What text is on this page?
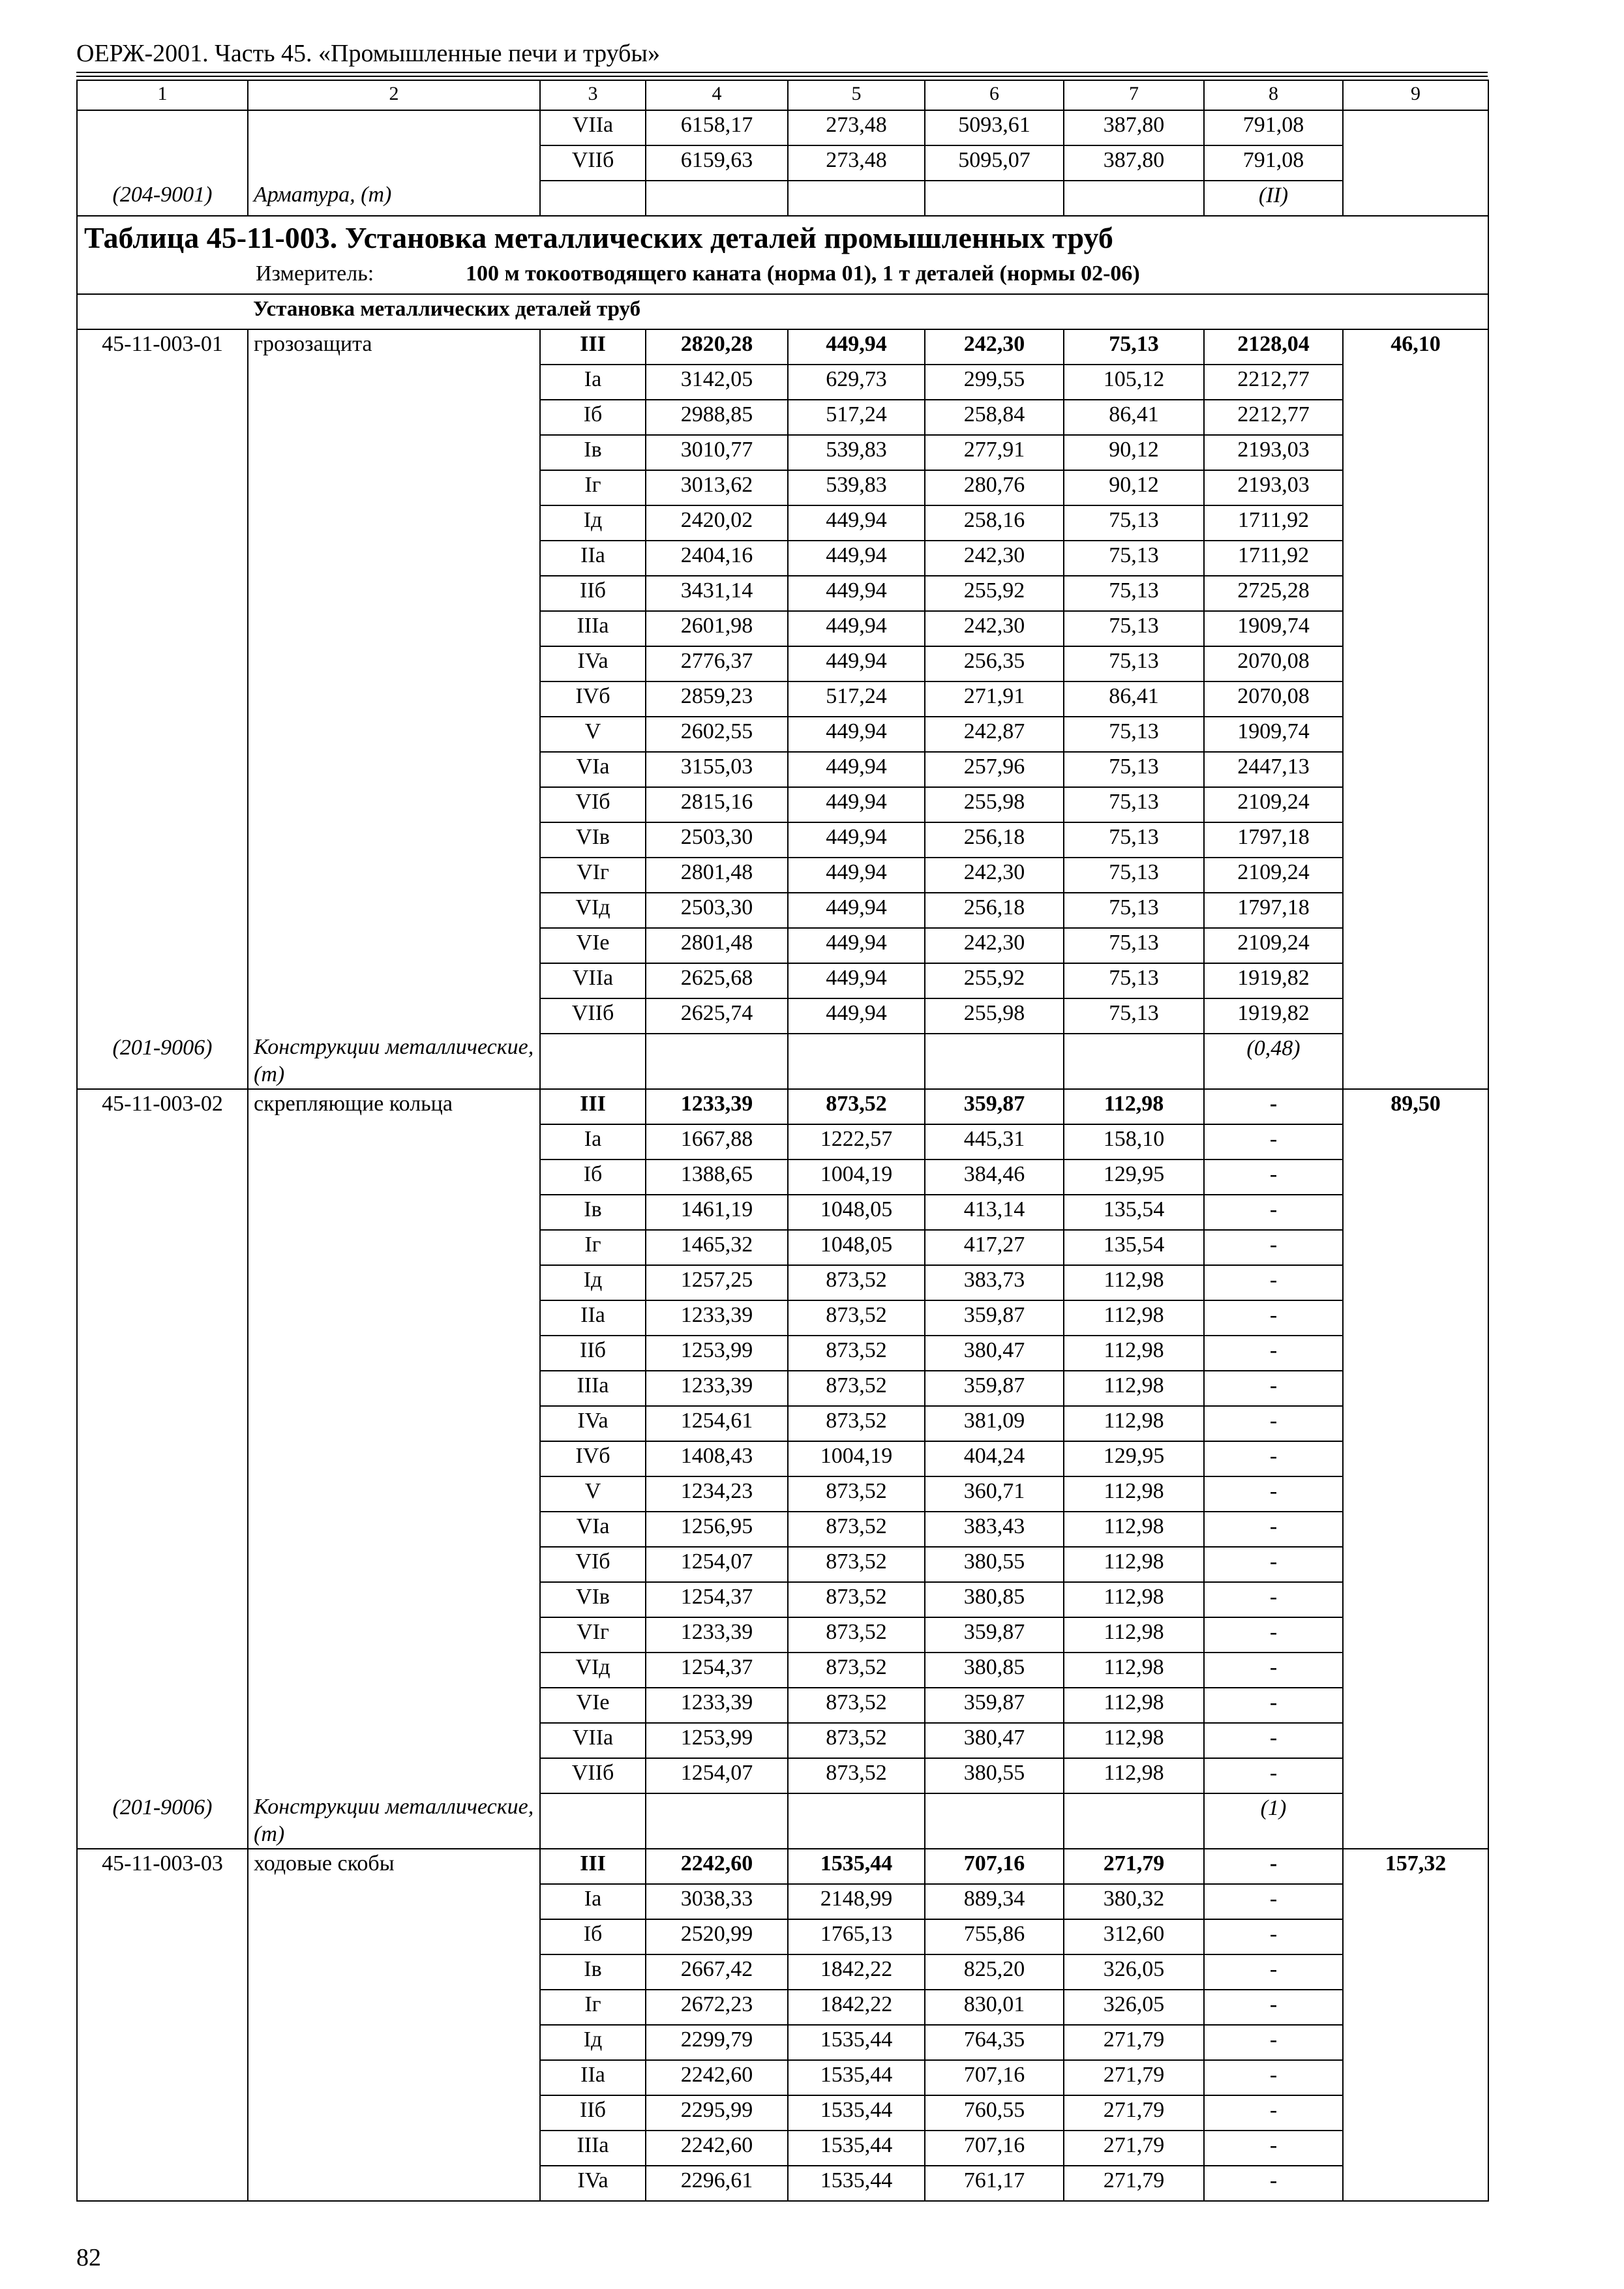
ОЕРЖ-2001. Часть 45. «Промышленные печи и трубы»
1	2	3	4	5	6	7	8	9
		VIIa	6158,17	273,48	5093,61	387,80	791,08	
		VIIб	6159,63	273,48	5095,07	387,80	791,08	
(204-9001)	Арматура, (т)						(II)	
Таблица 45-11-003. Установка металлических деталей промышленных труб								
Измеритель: 100 м токоотводящего каната (норма 01), 1 т деталей (нормы 02-06)								
	Установка металлических деталей труб							
45-11-003-01	грозозащита	III	2820,28	449,94	242,30	75,13	2128,04	46,10
		Ia	3142,05	629,73	299,55	105,12	2212,77	
		Iб	2988,85	517,24	258,84	86,41	2212,77	
		Iв	3010,77	539,83	277,91	90,12	2193,03	
		Iг	3013,62	539,83	280,76	90,12	2193,03	
		Iд	2420,02	449,94	258,16	75,13	1711,92	
		IIa	2404,16	449,94	242,30	75,13	1711,92	
		IIб	3431,14	449,94	255,92	75,13	2725,28	
		IIIa	2601,98	449,94	242,30	75,13	1909,74	
		IVa	2776,37	449,94	256,35	75,13	2070,08	
		IVб	2859,23	517,24	271,91	86,41	2070,08	
		V	2602,55	449,94	242,87	75,13	1909,74	
		VIa	3155,03	449,94	257,96	75,13	2447,13	
		VIб	2815,16	449,94	255,98	75,13	2109,24	
		VIв	2503,30	449,94	256,18	75,13	1797,18	
		VIг	2801,48	449,94	242,30	75,13	2109,24	
		VIд	2503,30	449,94	256,18	75,13	1797,18	
		VIe	2801,48	449,94	242,30	75,13	2109,24	
		VIIa	2625,68	449,94	255,92	75,13	1919,82	
		VIIб	2625,74	449,94	255,98	75,13	1919,82	
(201-9006)	Конструкции металлические, (т)						(0,48)	
45-11-003-02	скрепляющие кольца	III	1233,39	873,52	359,87	112,98	-	89,50
		Ia	1667,88	1222,57	445,31	158,10	-	
		Iб	1388,65	1004,19	384,46	129,95	-	
		Iв	1461,19	1048,05	413,14	135,54	-	
		Iг	1465,32	1048,05	417,27	135,54	-	
		Iд	1257,25	873,52	383,73	112,98	-	
		IIa	1233,39	873,52	359,87	112,98	-	
		IIб	1253,99	873,52	380,47	112,98	-	
		IIIa	1233,39	873,52	359,87	112,98	-	
		IVa	1254,61	873,52	381,09	112,98	-	
		IVб	1408,43	1004,19	404,24	129,95	-	
		V	1234,23	873,52	360,71	112,98	-	
		VIa	1256,95	873,52	383,43	112,98	-	
		VIб	1254,07	873,52	380,55	112,98	-	
		VIв	1254,37	873,52	380,85	112,98	-	
		VIг	1233,39	873,52	359,87	112,98	-	
		VIд	1254,37	873,52	380,85	112,98	-	
		VIe	1233,39	873,52	359,87	112,98	-	
		VIIa	1253,99	873,52	380,47	112,98	-	
		VIIб	1254,07	873,52	380,55	112,98	-	
(201-9006)	Конструкции металлические, (т)						(1)	
45-11-003-03	ходовые скобы	III	2242,60	1535,44	707,16	271,79	-	157,32
		Ia	3038,33	2148,99	889,34	380,32	-	
		Iб	2520,99	1765,13	755,86	312,60	-	
		Iв	2667,42	1842,22	825,20	326,05	-	
		Iг	2672,23	1842,22	830,01	326,05	-	
		Iд	2299,79	1535,44	764,35	271,79	-	
		IIa	2242,60	1535,44	707,16	271,79	-	
		IIб	2295,99	1535,44	760,55	271,79	-	
		IIIa	2242,60	1535,44	707,16	271,79	-	
		IVa	2296,61	1535,44	761,17	271,79	-	
82
